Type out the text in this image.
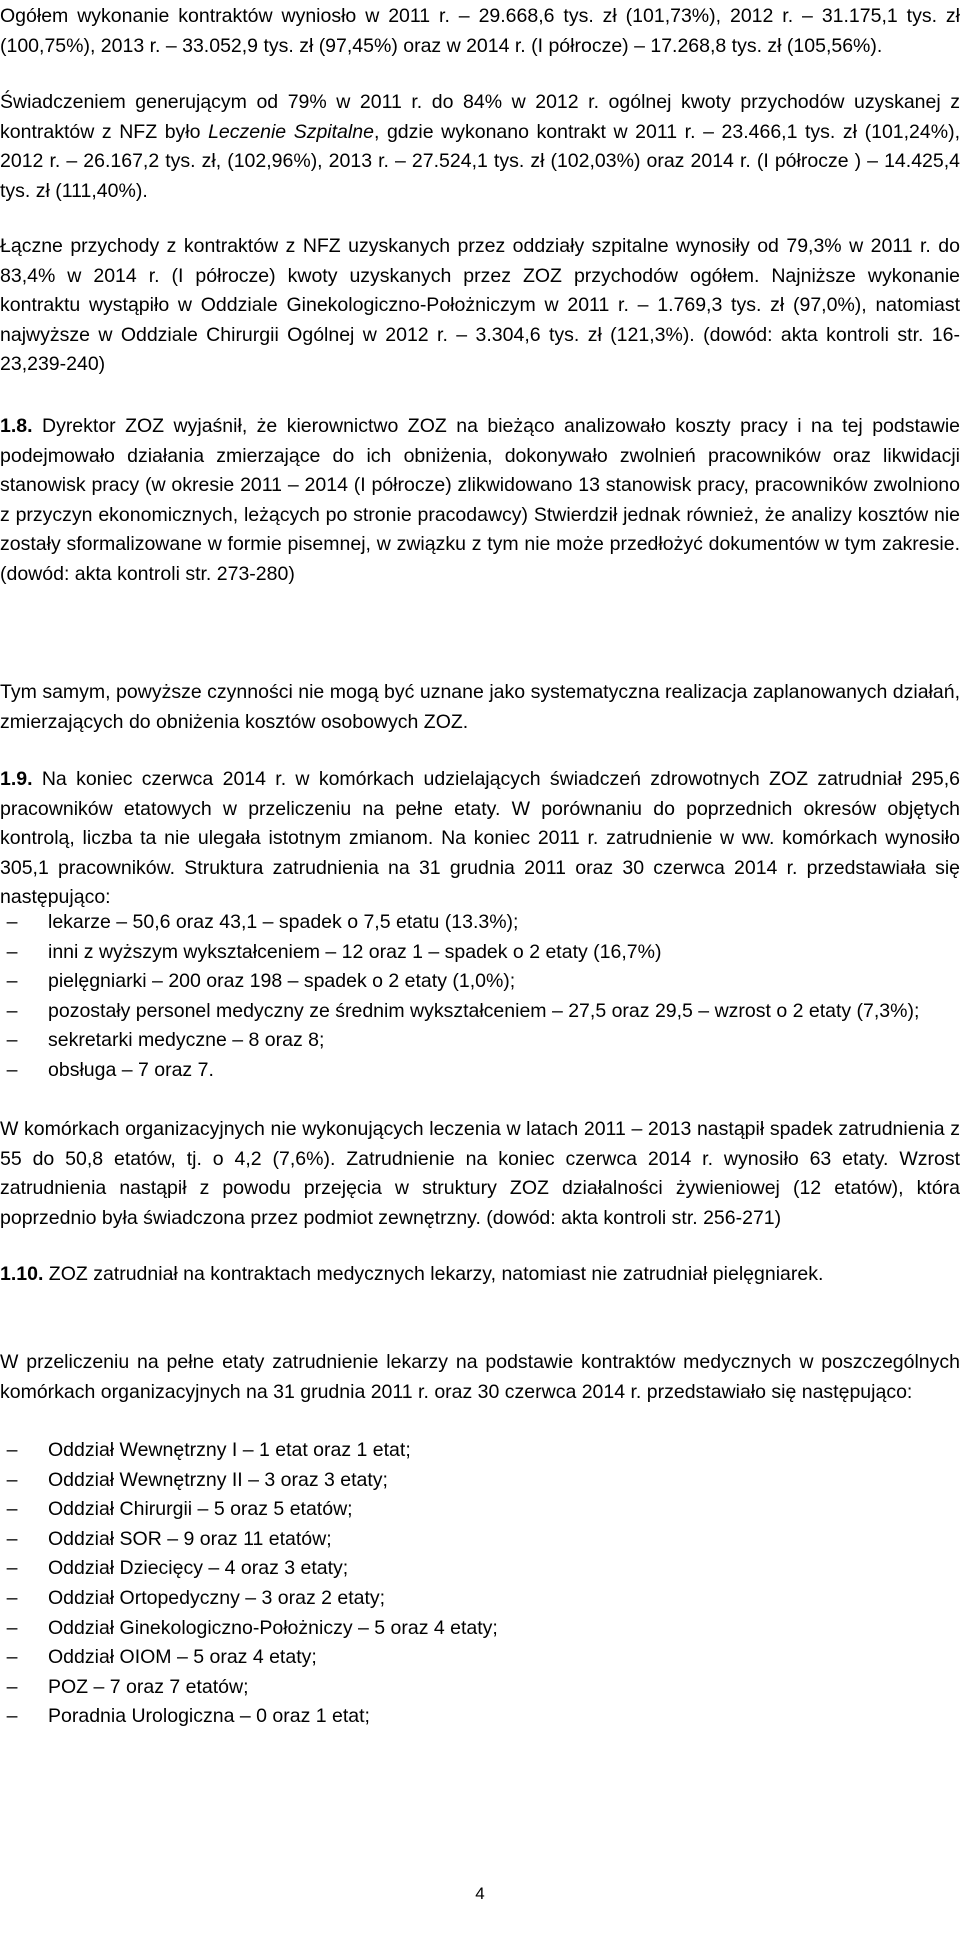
Ogółem wykonanie kontraktów wyniosło w 2011 r. – 29.668,6 tys. zł (101,73%), 2012 r. – 31.175,1 tys. zł (100,75%), 2013 r. – 33.052,9 tys. zł (97,45%) oraz w 2014 r. (I półrocze) – 17.268,8 tys. zł (105,56%).

Świadczeniem generującym od 79% w 2011 r. do 84% w 2012 r. ogólnej kwoty przychodów uzyskanej z kontraktów z NFZ było Leczenie Szpitalne, gdzie wykonano kontrakt w 2011 r. – 23.466,1 tys. zł (101,24%), 2012 r. – 26.167,2 tys. zł, (102,96%), 2013 r. – 27.524,1 tys. zł (102,03%) oraz 2014 r. (I półrocze ) – 14.425,4 tys. zł (111,40%).

Łączne przychody z kontraktów z NFZ uzyskanych przez oddziały szpitalne wynosiły od 79,3% w 2011 r. do 83,4% w 2014 r. (I półrocze) kwoty uzyskanych przez ZOZ przychodów ogółem. Najniższe wykonanie kontraktu wystąpiło w Oddziale Ginekologiczno-Położniczym w 2011 r. – 1.769,3 tys. zł (97,0%), natomiast najwyższe w Oddziale Chirurgii Ogólnej w 2012 r. – 3.304,6 tys. zł (121,3%). (dowód: akta kontroli str. 16-23,239-240)

1.8. Dyrektor ZOZ wyjaśnił, że kierownictwo ZOZ na bieżąco analizowało koszty pracy i na tej podstawie podejmowało działania zmierzające do ich obniżenia, dokonywało zwolnień pracowników oraz likwidacji stanowisk pracy (w okresie 2011 – 2014 (I półrocze) zlikwidowano 13 stanowisk pracy, pracowników zwolniono z przyczyn ekonomicznych, leżących po stronie pracodawcy) Stwierdził jednak również, że analizy kosztów nie zostały sformalizowane w formie pisemnej, w związku z tym nie może przedłożyć dokumentów w tym zakresie. (dowód: akta kontroli str. 273-280)

Tym samym, powyższe czynności nie mogą być uznane jako systematyczna realizacja zaplanowanych działań, zmierzających do obniżenia kosztów osobowych ZOZ.

1.9. Na koniec czerwca 2014 r. w komórkach udzielających świadczeń zdrowotnych ZOZ zatrudniał 295,6 pracowników etatowych w przeliczeniu na pełne etaty. W porównaniu do poprzednich okresów objętych kontrolą, liczba ta nie ulegała istotnym zmianom. Na koniec 2011 r. zatrudnienie w ww. komórkach wynosiło 305,1 pracowników. Struktura zatrudnienia na 31 grudnia 2011 oraz 30 czerwca 2014 r. przedstawiała się następująco:

–	lekarze – 50,6 oraz 43,1 – spadek o 7,5 etatu (13.3%);
–	inni z wyższym wykształceniem – 12 oraz 1 – spadek o 2 etaty (16,7%)
–	pielęgniarki – 200 oraz 198 – spadek o 2 etaty (1,0%);
–	pozostały personel medyczny ze średnim wykształceniem – 27,5 oraz 29,5 – wzrost o 2 etaty (7,3%);
–	sekretarki medyczne – 8 oraz 8;
–	obsługa – 7 oraz 7.

W komórkach organizacyjnych nie wykonujących leczenia w latach 2011 – 2013 nastąpił spadek zatrudnienia z 55 do 50,8 etatów, tj. o 4,2 (7,6%). Zatrudnienie na koniec czerwca 2014 r. wynosiło 63 etaty. Wzrost zatrudnienia nastąpił z powodu przejęcia w struktury ZOZ działalności żywieniowej (12 etatów), która poprzednio była świadczona przez podmiot zewnętrzny. (dowód: akta kontroli str. 256-271)

1.10. ZOZ zatrudniał na kontraktach medycznych lekarzy, natomiast nie zatrudniał pielęgniarek.

W przeliczeniu na pełne etaty zatrudnienie lekarzy na podstawie kontraktów medycznych w poszczególnych komórkach organizacyjnych na 31 grudnia 2011 r. oraz 30 czerwca 2014 r. przedstawiało się następująco:

–	Oddział Wewnętrzny I – 1 etat oraz 1 etat;
–	Oddział Wewnętrzny II – 3 oraz 3 etaty;
–	Oddział Chirurgii – 5 oraz 5 etatów;
–	Oddział SOR – 9 oraz 11 etatów;
–	Oddział Dziecięcy – 4 oraz 3 etaty;
–	Oddział Ortopedyczny – 3 oraz 2 etaty;
–	Oddział Ginekologiczno-Położniczy – 5 oraz 4 etaty;
–	Oddział OIOM – 5 oraz 4 etaty;
–	POZ – 7 oraz 7 etatów;
–	Poradnia Urologiczna – 0 oraz 1 etat;
4
